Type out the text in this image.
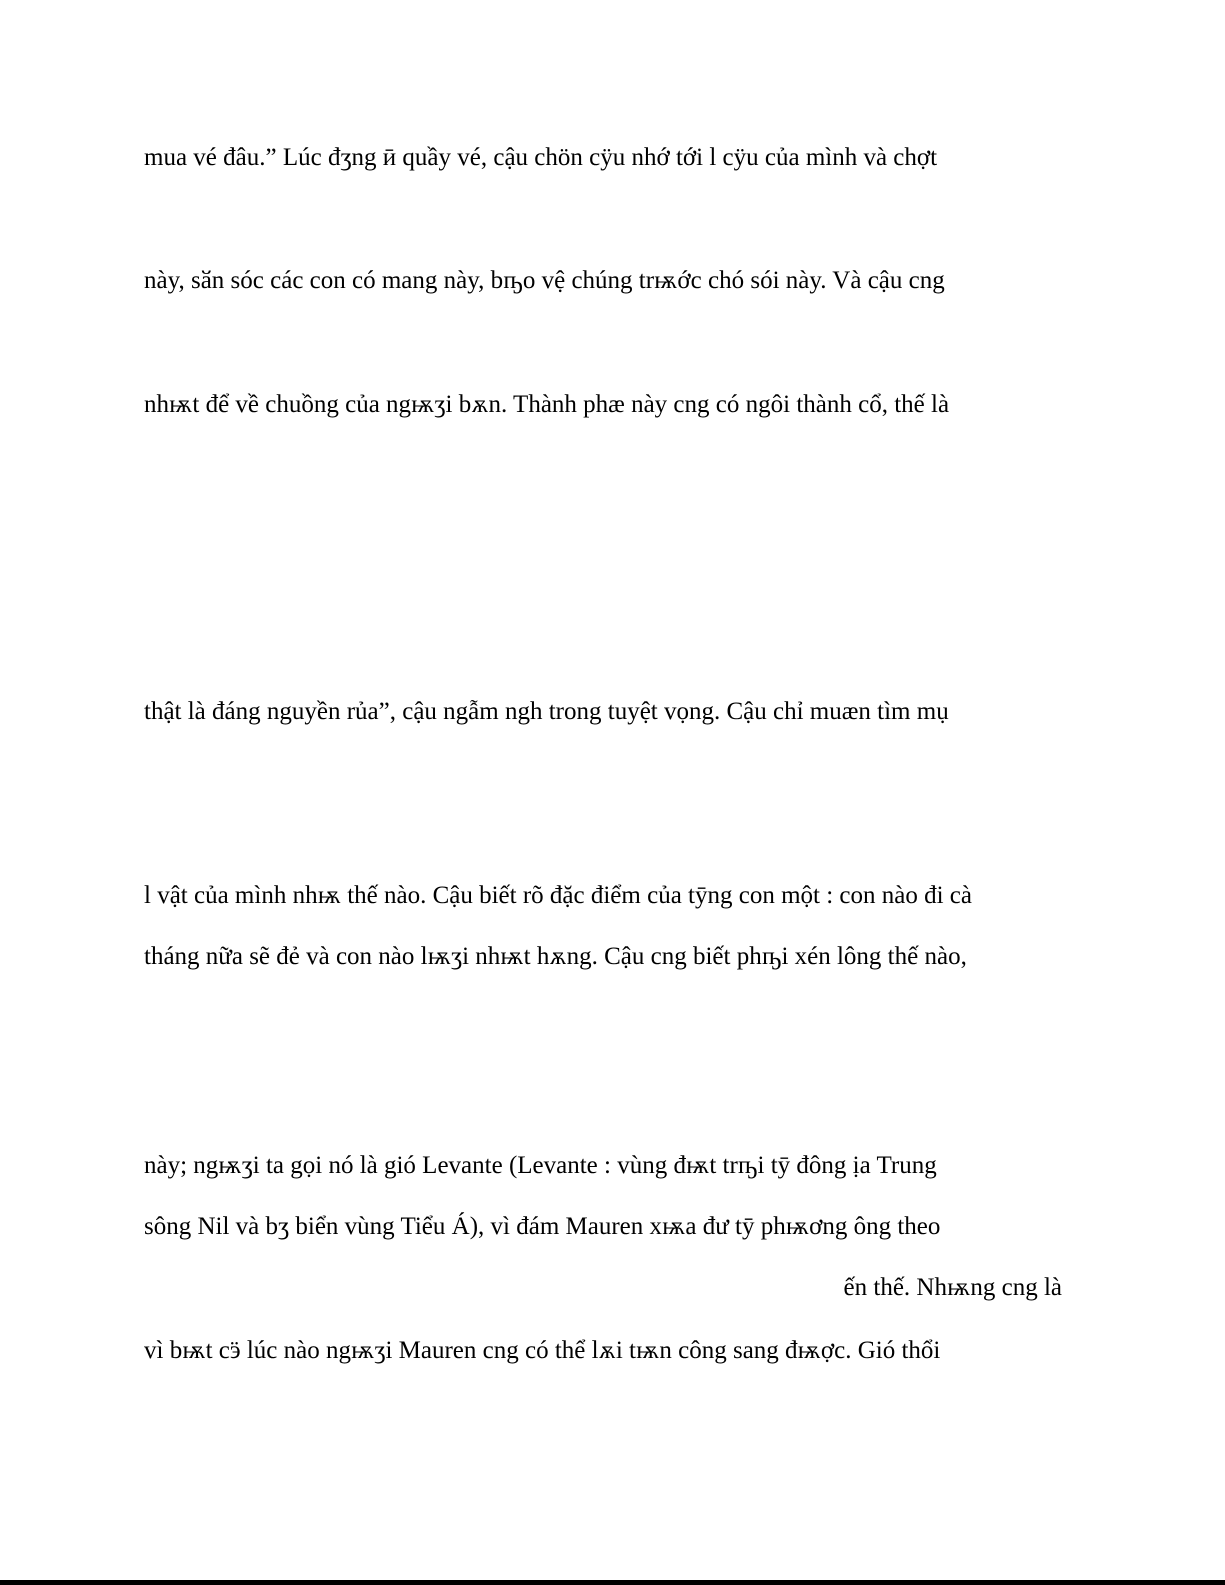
mua vé đâu.” Lúc đӡng ӣ quầy vé, cậu chӧn cӱu nhớ tới l cӱu của mình và chợt

này, sӑn sóc các con có mang này, bҧo vệ chúng trѭớc chó sói này. Và cậu cng

nhѭt để về chuồng của ngѭӡi bѫn. Thành phӕ này cng có ngôi thành cổ, thế là

thật là đáng nguyền rủa”, cậu ngẫm ngh trong tuyệt vọng. Cậu chỉ muӕn tìm mụ

l vật của mình nhѭ thế nào. Cậu biết rõ đặc điểm của tӯng con một : con nào đi cà

tháng nữa sẽ đẻ và con nào lѭӡi nhѭt hѫng. Cậu cng biết phҧi xén lông thế nào,

này; ngѭӡi ta gọi nó là gió Levante (Levante : vùng đѭt trҧi tӯ đông ịa Trung

sông Nil và bӡ biển vùng Tiểu Á), vì đám Mauren xѭa đư tӯ phѭơng ông theo

ến thế. Nhѭng cng là

vì bѭt cӭ lúc nào ngѭӡi Mauren cng có thể lѫi tѭn công sang đѭợc. Gió thổi
